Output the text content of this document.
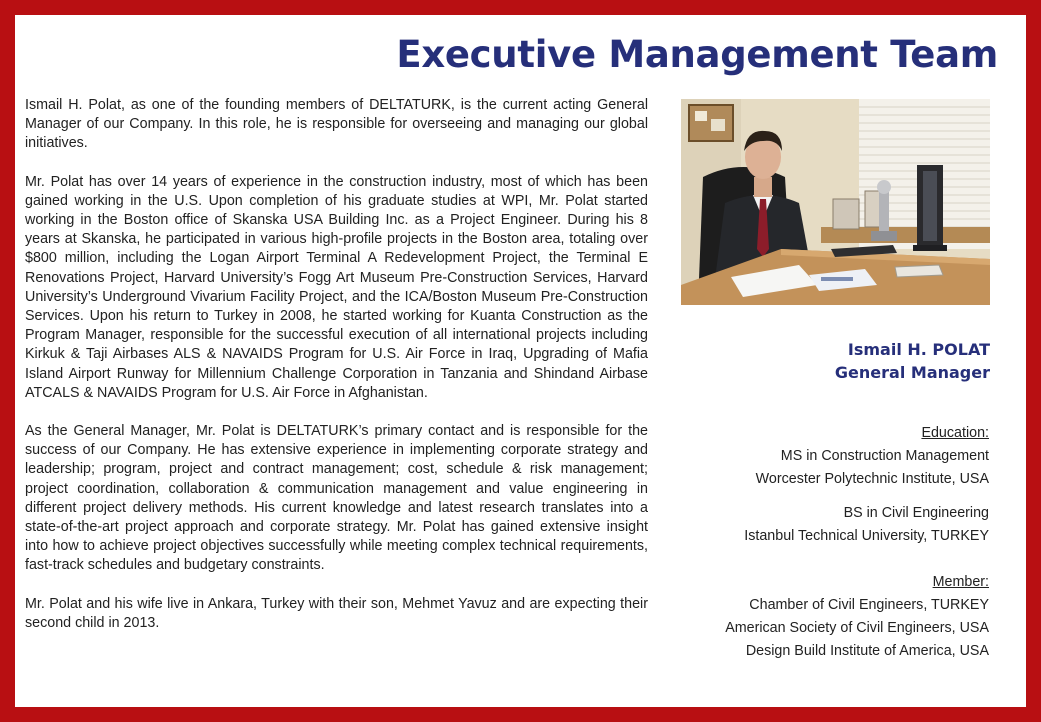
Executive Management Team

Ismail H. Polat, as one of the founding members of DELTATURK, is the current acting General Manager of our Company. In this role, he is responsible for overseeing and managing our global initiatives.

Mr. Polat has over 14 years of experience in the construction industry, most of which has been gained working in the U.S. Upon completion of his graduate studies at WPI, Mr. Polat started working in the Boston office of Skanska USA Building Inc. as a Project Engineer. During his 8 years at Skanska, he participated in various high-profile projects in the Boston area, totaling over $800 million, including the Logan Airport Terminal A Redevelopment Project, the Terminal E Renovations Project, Harvard University’s Fogg Art Museum Pre-Construction Services, Harvard University’s Underground Vivarium Facility Project, and the ICA/Boston Museum Pre-Construction Services. Upon his return to Turkey in 2008, he started working for Kuanta Construction as the Program Manager, responsible for the successful execution of all international projects including Kirkuk & Taji Airbases ALS & NAVAIDS Program for U.S. Air Force in Iraq, Upgrading of Mafia Island Airport Runway for Millennium Challenge Corporation in Tanzania and Shindand Airbase ATCALS & NAVAIDS Program for U.S. Air Force in Afghanistan.

As the General Manager, Mr. Polat is DELTATURK’s primary contact and is responsible for the success of our Company. He has extensive experience in implementing corporate strategy and leadership; program, project and contract management; cost, schedule & risk management; project coordination, collaboration & communication management and value engineering in different project delivery methods. His current knowledge and latest research translates into a state-of-the-art project approach and corporate strategy. Mr. Polat has gained extensive insight into how to achieve project objectives successfully while meeting complex technical requirements, fast-track schedules and budgetary constraints.

Mr. Polat and his wife live in Ankara, Turkey with their son, Mehmet Yavuz and are expecting their second child in 2013.

Ismail H. POLAT
General Manager
Education:
MS in Construction Management
Worcester Polytechnic Institute, USA
BS in Civil Engineering
Istanbul Technical University, TURKEY
Member:
Chamber of Civil Engineers, TURKEY
American Society of Civil Engineers, USA
Design Build Institute of America, USA
